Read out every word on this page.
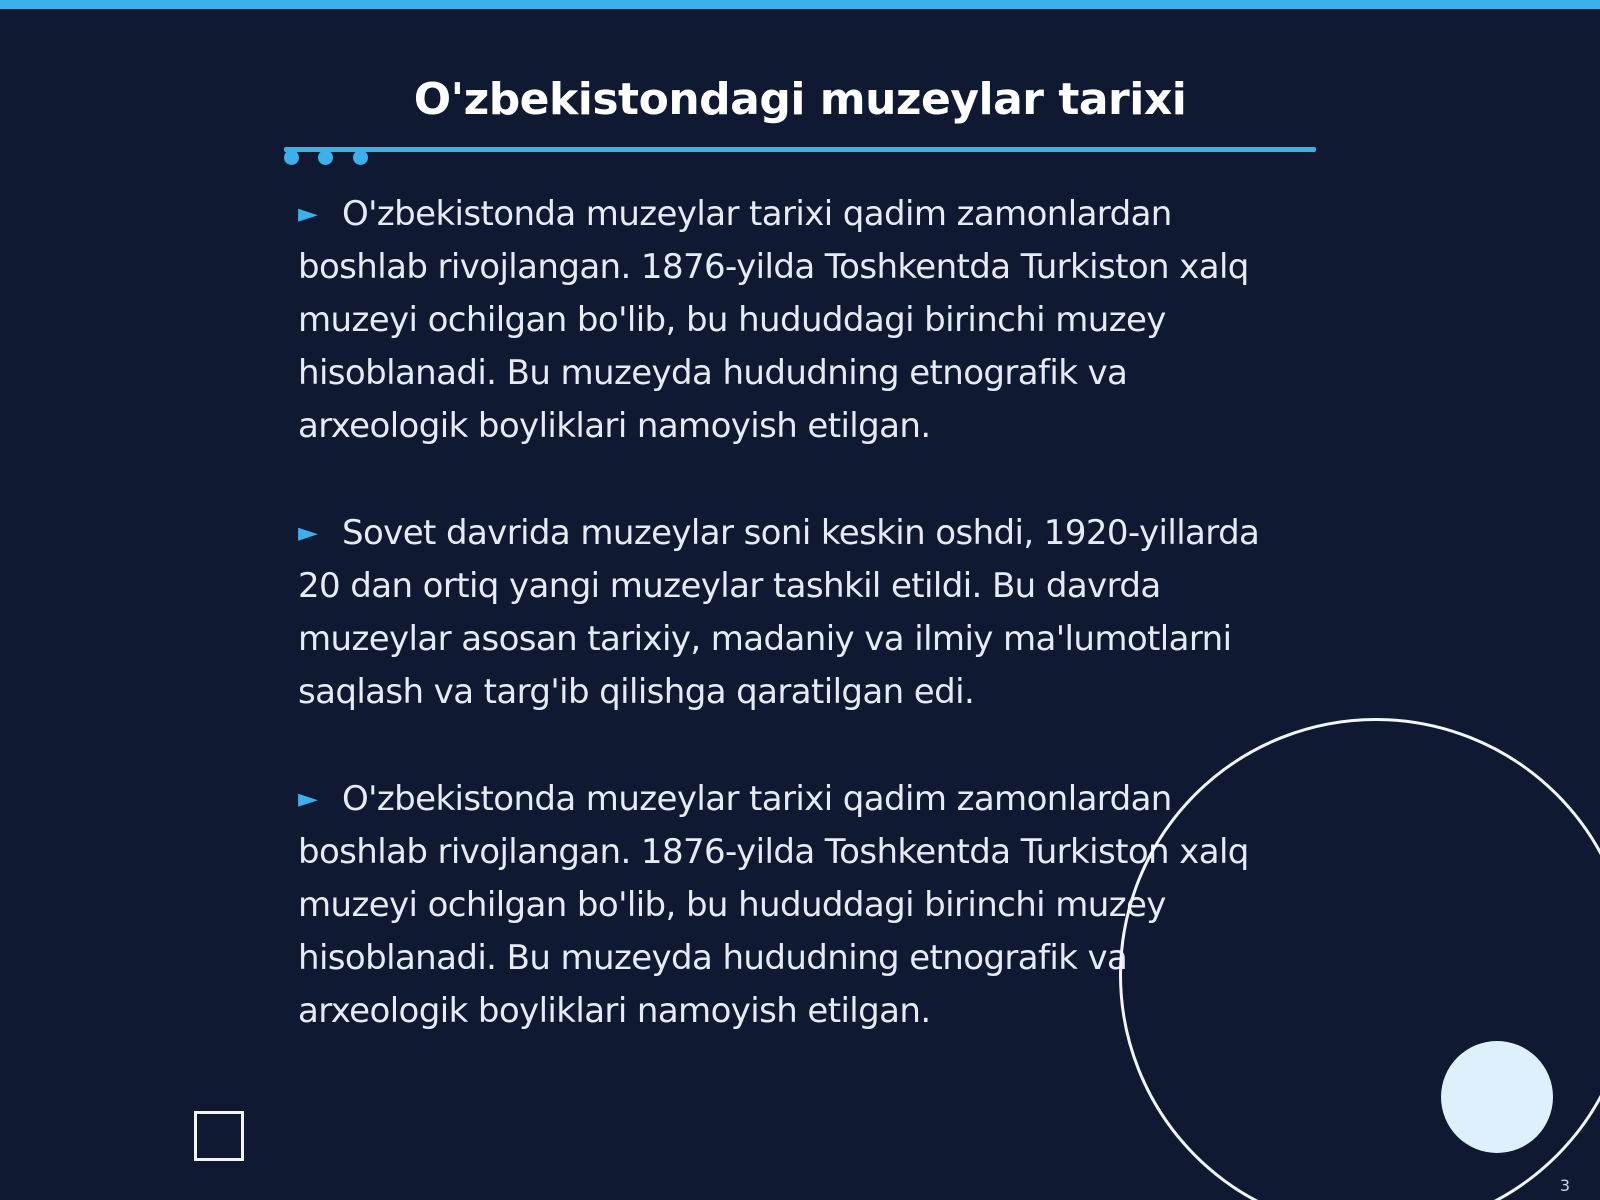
O'zbekistondagi muzeylar tarixi

► O'zbekistonda muzeylar tarixi qadim zamonlardan boshlab rivojlangan. 1876-yilda Toshkentda Turkiston xalq muzeyi ochilgan bo'lib, bu hududdagi birinchi muzey hisoblanadi. Bu muzeyda hududning etnografik va arxeologik boyliklari namoyish etilgan.

► Sovet davrida muzeylar soni keskin oshdi, 1920-yillarda 20 dan ortiq yangi muzeylar tashkil etildi. Bu davrda muzeylar asosan tarixiy, madaniy va ilmiy ma'lumotlarni saqlash va targ'ib qilishga qaratilgan edi.

► O'zbekistonda muzeylar tarixi qadim zamonlardan boshlab rivojlangan. 1876-yilda Toshkentda Turkiston xalq muzeyi ochilgan bo'lib, bu hududdagi birinchi muzey hisoblanadi. Bu muzeyda hududning etnografik va arxeologik boyliklari namoyish etilgan.

3
